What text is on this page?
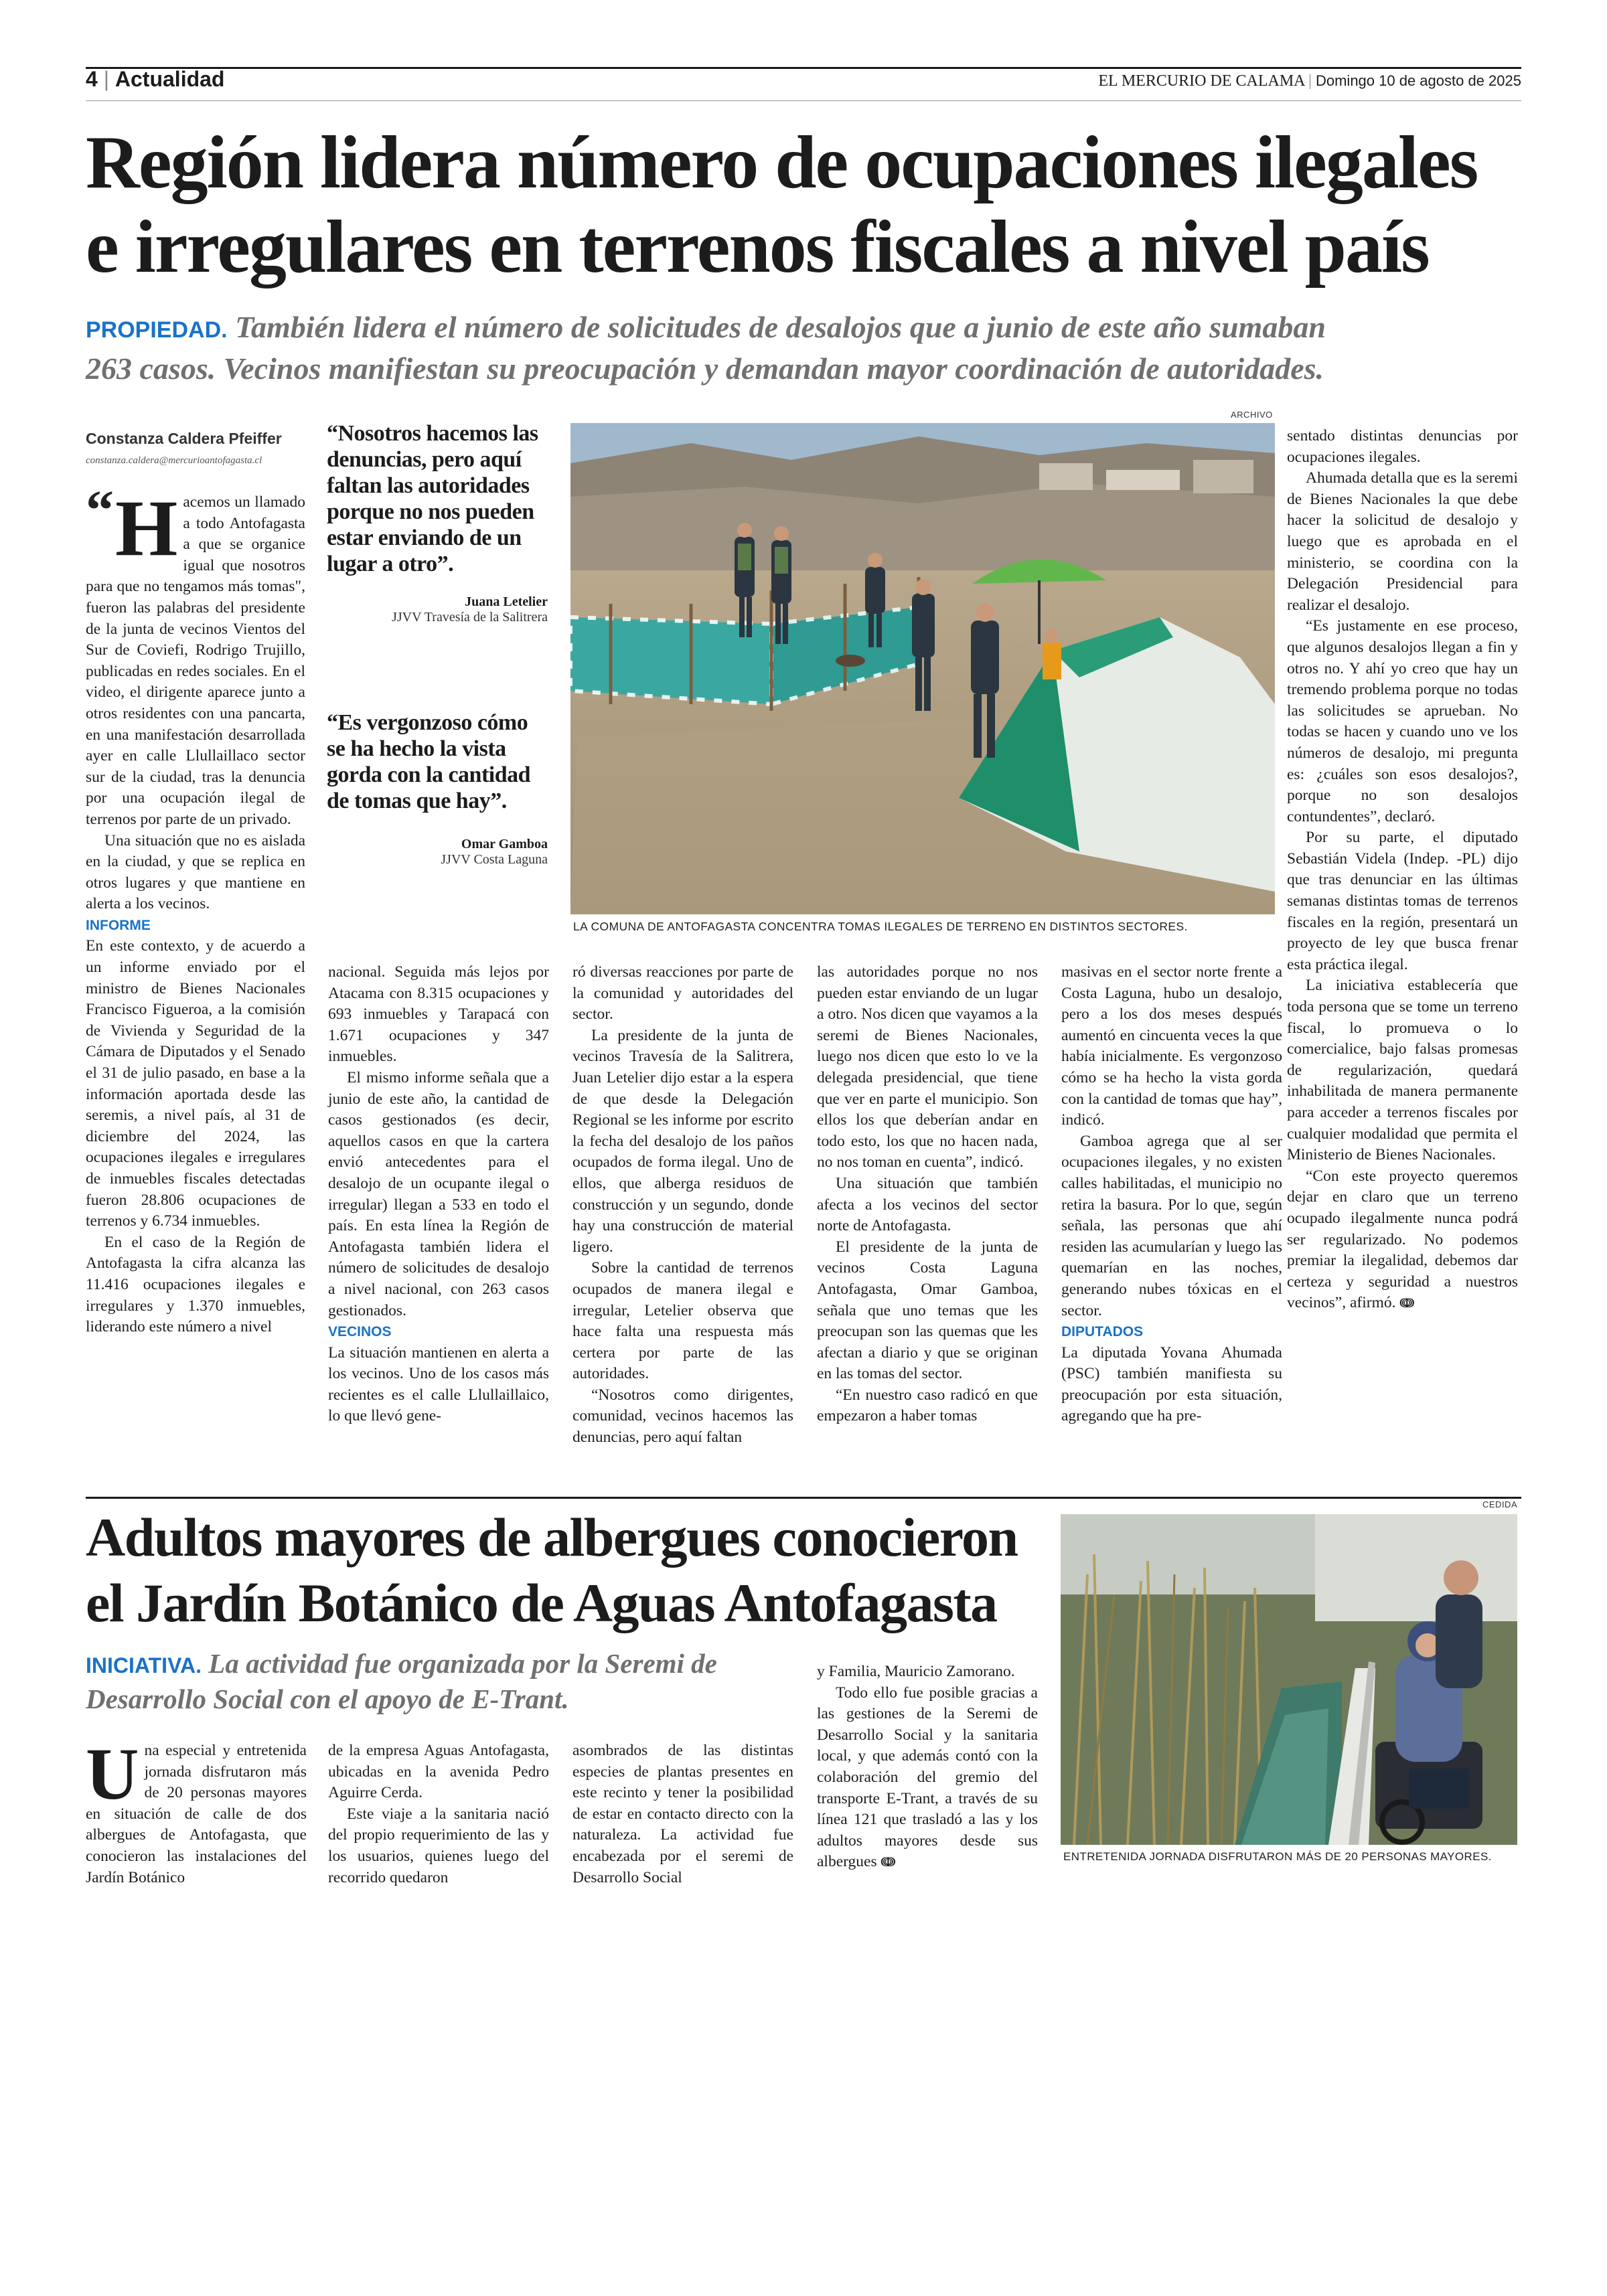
4 | Actualidad	EL MERCURIO DE CALAMA | Domingo 10 de agosto de 2025
Región lidera número de ocupaciones ilegales
e irregulares en terrenos fiscales a nivel país
PROPIEDAD. También lidera el número de solicitudes de desalojos que a junio de este año sumaban
263 casos. Vecinos manifiestan su preocupación y demandan mayor coordinación de autoridades.
Constanza Caldera Pfeiffer
constanza.caldera@mercurioantofagasta.cl

“ H acemos un llamado a todo Antofagasta a que se organice igual que nosotros para que no tengamos más tomas", fueron las palabras del presidente de la junta de vecinos Vientos del Sur de Coviefi, Rodrigo Trujillo, publicadas en redes sociales. En el video, el dirigente aparece junto a otros residentes con una pancarta, en una manifestación desarrollada ayer en calle Llullaillaco sector sur de la ciudad, tras la denuncia por una ocupación ilegal de terrenos por parte de un privado.

Una situación que no es aislada en la ciudad, y que se replica en otros lugares y que mantiene en alerta a los vecinos.

INFORME

En este contexto, y de acuerdo a un informe enviado por el ministro de Bienes Nacionales Francisco Figueroa, a la comisión de Vivienda y Seguridad de la Cámara de Diputados y el Senado el 31 de julio pasado, en base a la información aportada desde las seremis, a nivel país, al 31 de diciembre del 2024, las ocupaciones ilegales e irregulares de inmuebles fiscales detectadas fueron 28.806 ocupaciones de terrenos y 6.734 inmuebles.

En el caso de la Región de Antofagasta la cifra alcanza las 11.416 ocupaciones ilegales e irregulares y 1.370 inmuebles, liderando este número a nivel

“Nosotros hacemos las denuncias, pero aquí faltan las autoridades porque no nos pueden estar enviando de un lugar a otro”.
Juana Letelier
JJVV Travesía de la Salitrera
“Es vergonzoso cómo se ha hecho la vista gorda con la cantidad de tomas que hay”.
Omar Gamboa
JJVV Costa Laguna
ARCHIVO
LA COMUNA DE ANTOFAGASTA CONCENTRA TOMAS ILEGALES DE TERRENO EN DISTINTOS SECTORES.

sentado distintas denuncias por ocupaciones ilegales.

Ahumada detalla que es la seremi de Bienes Nacionales la que debe hacer la solicitud de desalojo y luego que es aprobada en el ministerio, se coordina con la Delegación Presidencial para realizar el desalojo.

“Es justamente en ese proceso, que algunos desalojos llegan a fin y otros no. Y ahí yo creo que hay un tremendo problema porque no todas las solicitudes se aprueban. No todas se hacen y cuando uno ve los números de desalojo, mi pregunta es: ¿cuáles son esos desalojos?, porque no son desalojos contundentes”, declaró.

Por su parte, el diputado Sebastián Videla (Indep. -PL) dijo que tras denunciar en las últimas semanas distintas tomas de terrenos fiscales en la región, presentará un proyecto de ley que busca frenar esta práctica ilegal.

La iniciativa establecería que toda persona que se tome un terreno fiscal, lo promueva o lo comercialice, bajo falsas promesas de regularización, quedará inhabilitada de manera permanente para acceder a terrenos fiscales por cualquier modalidad que permita el Ministerio de Bienes Nacionales.

“Con este proyecto queremos dejar en claro que un terreno ocupado ilegalmente nunca podrá ser regularizado. No podemos premiar la ilegalidad, debemos dar certeza y seguridad a nuestros vecinos”, afirmó. ↈ

nacional. Seguida más lejos por Atacama con 8.315 ocupaciones y 693 inmuebles y Tarapacá con 1.671 ocupaciones y 347 inmuebles.

El mismo informe señala que a junio de este año, la cantidad de casos gestionados (es decir, aquellos casos en que la cartera envió antecedentes para el desalojo de un ocupante ilegal o irregular) llegan a 533 en todo el país. En esta línea la Región de Antofagasta también lidera el número de solicitudes de desalojo a nivel nacional, con 263 casos gestionados.

VECINOS

La situación mantienen en alerta a los vecinos. Uno de los casos más recientes es el calle Llullaillaico, lo que llevó gene-

ró diversas reacciones por parte de la comunidad y autoridades del sector.

La presidente de la junta de vecinos Travesía de la Salitrera, Juan Letelier dijo estar a la espera de que desde la Delegación Regional se les informe por escrito la fecha del desalojo de los paños ocupados de forma ilegal. Uno de ellos, que alberga residuos de construcción y un segundo, donde hay una construcción de material ligero.

Sobre la cantidad de terrenos ocupados de manera ilegal e irregular, Letelier observa que hace falta una respuesta más certera por parte de las autoridades.

“Nosotros como dirigentes, comunidad, vecinos hacemos las denuncias, pero aquí faltan

las autoridades porque no nos pueden estar enviando de un lugar a otro. Nos dicen que vayamos a la seremi de Bienes Nacionales, luego nos dicen que esto lo ve la delegada presidencial, que tiene que ver en parte el municipio. Son ellos los que deberían andar en todo esto, los que no hacen nada, no nos toman en cuenta”, indicó.

Una situación que también afecta a los vecinos del sector norte de Antofagasta.

El presidente de la junta de vecinos Costa Laguna Antofagasta, Omar Gamboa, señala que uno temas que les preocupan son las quemas que les afectan a diario y que se originan en las tomas del sector.

“En nuestro caso radicó en que empezaron a haber tomas

masivas en el sector norte frente a Costa Laguna, hubo un desalojo, pero a los dos meses después aumentó en cincuenta veces la que había inicialmente. Es vergonzoso cómo se ha hecho la vista gorda con la cantidad de tomas que hay”, indicó.

Gamboa agrega que al ser ocupaciones ilegales, y no existen calles habilitadas, el municipio no retira la basura. Por lo que, según señala, las personas que ahí residen las acumularían y luego las quemarían en las noches, generando nubes tóxicas en el sector.

DIPUTADOS

La diputada Yovana Ahumada (PSC) también manifiesta su preocupación por esta situación, agregando que ha pre-

Adultos mayores de albergues conocieron
el Jardín Botánico de Aguas Antofagasta
INICIATIVA. La actividad fue organizada por la Seremi de
Desarrollo Social con el apoyo de E-Trant.

Una especial y entretenida jornada disfrutaron más de 20 personas mayores en situación de calle de dos albergues de Antofagasta, que conocieron las instalaciones del Jardín Botánico

de la empresa Aguas Antofagasta, ubicadas en la avenida Pedro Aguirre Cerda.

Este viaje a la sanitaria nació del propio requerimiento de las y los usuarios, quienes luego del recorrido quedaron

asombrados de las distintas especies de plantas presentes en este recinto y tener la posibilidad de estar en contacto directo con la naturaleza. La actividad fue encabezada por el seremi de Desarrollo Social

y Familia, Mauricio Zamorano.

Todo ello fue posible gracias a las gestiones de la Seremi de Desarrollo Social y la sanitaria local, y que además contó con la colaboración del gremio del transporte E-Trant, a través de su línea 121 que trasladó a las y los adultos mayores desde sus albergues ↈ

CEDIDA
ENTRETENIDA JORNADA DISFRUTARON MÁS DE 20 PERSONAS MAYORES.
